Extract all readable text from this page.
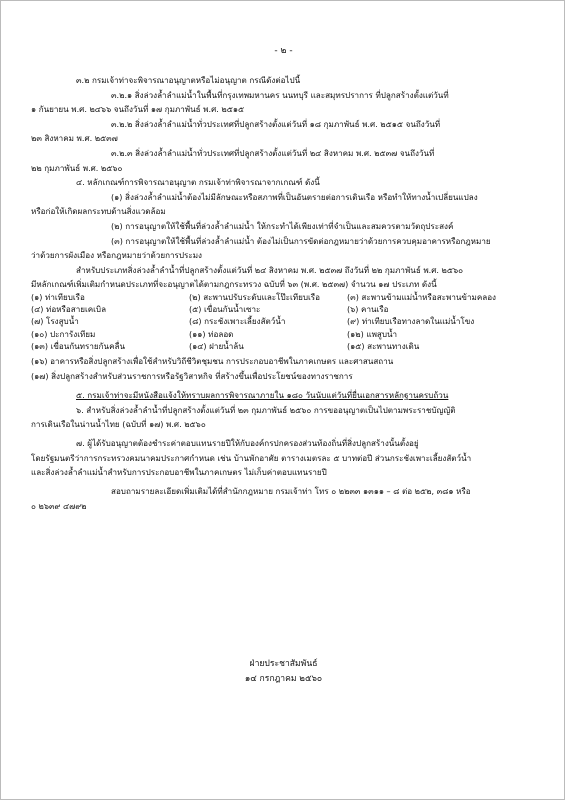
- ๒ -
๓.๒ กรมเจ้าท่าจะพิจารณาอนุญาตหรือไม่อนุญาต กรณีดังต่อไปนี้
๓.๒.๑ สิ่งล่วงล้ำลำแม่น้ำในพื้นที่กรุงเทพมหานคร นนทบุรี และสมุทรปราการ ที่ปลูกสร้างตั้งแต่วันที่
๑ กันยายน พ.ศ. ๒๔๖๖ จนถึงวันที่ ๑๗ กุมภาพันธ์ พ.ศ. ๒๕๑๕
๓.๒.๒ สิ่งล่วงล้ำลำแม่น้ำทั่วประเทศที่ปลูกสร้างตั้งแต่วันที่ ๑๘ กุมภาพันธ์ พ.ศ. ๒๕๑๕ จนถึงวันที่
๒๓ สิงหาคม พ.ศ. ๒๕๓๗
๓.๒.๓ สิ่งล่วงล้ำลำแม่น้ำทั่วประเทศที่ปลูกสร้างตั้งแต่วันที่ ๒๔ สิงหาคม พ.ศ. ๒๕๓๗ จนถึงวันที่
๒๒ กุมภาพันธ์ พ.ศ. ๒๕๖๐
๔. หลักเกณฑ์การพิจารณาอนุญาต กรมเจ้าท่าพิจารณาจากเกณฑ์ ดังนี้
(๑) สิ่งล่วงล้ำลำแม่น้ำต้องไม่มีลักษณะหรือสภาพที่เป็นอันตรายต่อการเดินเรือ หรือทำให้ทางน้ำเปลี่ยนแปลง
หรือก่อให้เกิดผลกระทบด้านสิ่งแวดล้อม
(๒) การอนุญาตให้ใช้พื้นที่ล่วงล้ำลำแม่น้ำ ให้กระทำได้เพียงเท่าที่จำเป็นและสมควรตามวัตถุประสงค์
(๓) การอนุญาตให้ใช้พื้นที่ล่วงล้ำลำแม่น้ำ ต้องไม่เป็นการขัดต่อกฎหมายว่าด้วยการควบคุมอาคารหรือกฎหมาย
ว่าด้วยการผังเมือง หรือกฎหมายว่าด้วยการประมง
สำหรับประเภทสิ่งล่วงล้ำลำน้ำที่ปลูกสร้างตั้งแต่วันที่ ๒๔ สิงหาคม พ.ศ. ๒๕๓๗ ถึงวันที่ ๒๒ กุมภาพันธ์ พ.ศ. ๒๕๖๐
มีหลักเกณฑ์เพิ่มเติมกำหนดประเภทที่จะอนุญาตได้ตามกฎกระทรวง ฉบับที่ ๖๓ (พ.ศ. ๒๕๓๗) จำนวน ๑๗ ประเภท ดังนี้
(๑) ท่าเทียบเรือ	(๒) สะพานปรับระดับและโป๊ะเทียบเรือ	(๓) สะพานข้ามแม่น้ำหรือสะพานข้ามคลอง
(๔) ท่อหรือสายเคเบิล	(๕) เขื่อนกันน้ำเซาะ	(๖) คานเรือ
(๗) โรงสูบน้ำ	(๘) กระชังเพาะเลี้ยงสัตว์น้ำ	(๙) ท่าเทียบเรือทางลาดในแม่น้ำโขง
(๑๐) ปะการังเทียม	(๑๑) ท่อลอด	(๑๒) แพสูบน้ำ
(๑๓) เขื่อนกันทรายกันคลื่น	(๑๔) ฝายน้ำล้น	(๑๕) สะพานทางเดิน
(๑๖) อาคารหรือสิ่งปลูกสร้างเพื่อใช้สำหรับวิถีชีวิตชุมชน การประกอบอาชีพในภาคเกษตร และศาสนสถาน
(๑๗) สิ่งปลูกสร้างสำหรับส่วนราชการหรือรัฐวิสาหกิจ ที่สร้างขึ้นเพื่อประโยชน์ของทางราชการ
๕. กรมเจ้าท่าจะมีหนังสือแจ้งให้ทราบผลการพิจารณาภายใน ๑๘๐ วันนับแต่วันที่ยื่นเอกสารหลักฐานครบถ้วน
๖. สำหรับสิ่งล่วงล้ำลำน้ำที่ปลูกสร้างตั้งแต่วันที่ ๒๓ กุมภาพันธ์ ๒๕๖๐ การขออนุญาตเป็นไปตามพระราชบัญญัติ
การเดินเรือในน่านน้ำไทย (ฉบับที่ ๑๗) พ.ศ. ๒๕๖๐
๗. ผู้ได้รับอนุญาตต้องชำระค่าตอบแทนรายปีให้กับองค์กรปกครองส่วนท้องถิ่นที่สิ่งปลูกสร้างนั้นตั้งอยู่
โดยรัฐมนตรีว่าการกระทรวงคมนาคมประกาศกำหนด เช่น บ้านพักอาศัย ตารางเมตรละ ๕ บาทต่อปี ส่วนกระชังเพาะเลี้ยงสัตว์น้ำ
และสิ่งล่วงล้ำลำแม่น้ำสำหรับการประกอบอาชีพในภาคเกษตร ไม่เก็บค่าตอบแทนรายปี
สอบถามรายละเอียดเพิ่มเติมได้ที่สำนักกฎหมาย กรมเจ้าท่า โทร ๐ ๒๒๓๓ ๑๓๑๑ – ๘ ต่อ ๒๕๒, ๓๘๑ หรือ
๐ ๒๖๓๙ ๔๗๙๒
ฝ่ายประชาสัมพันธ์
๑๔ กรกฎาคม ๒๕๖๐
